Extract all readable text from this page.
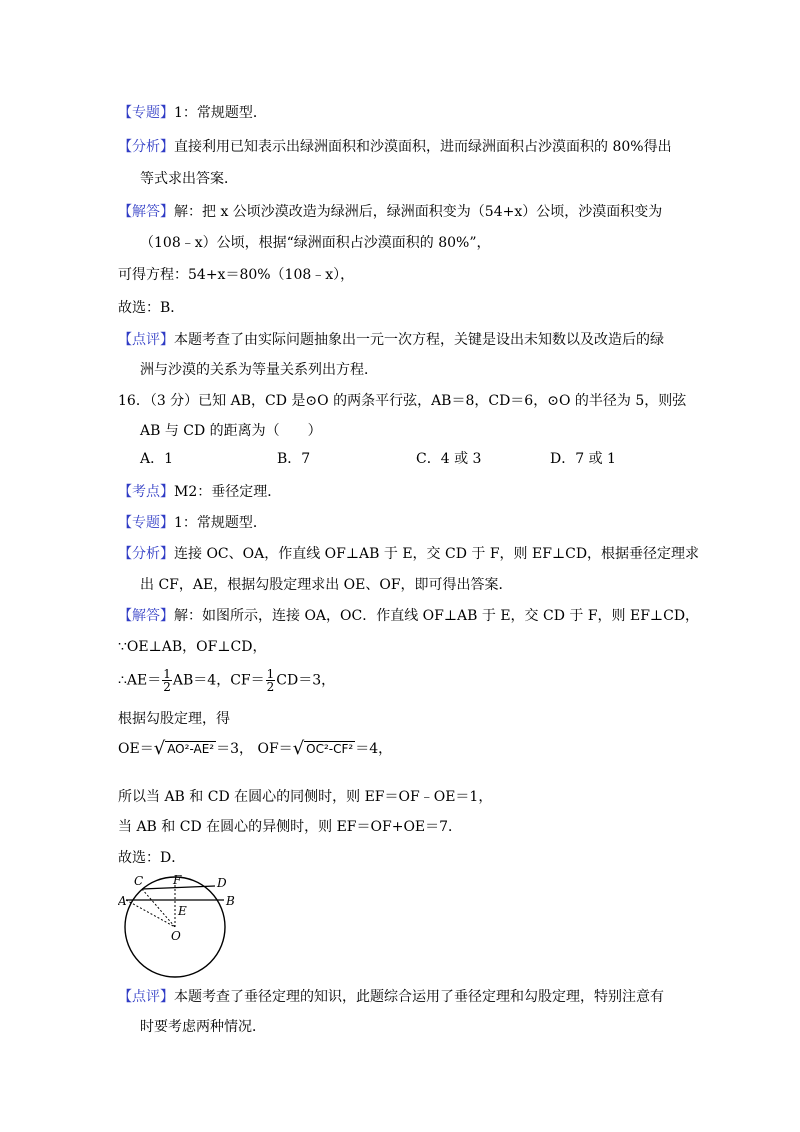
【专题】1：常规题型．
【分析】直接利用已知表示出绿洲面积和沙漠面积，进而绿洲面积占沙漠面积的 80%得出
等式求出答案．
【解答】解：把 x 公顷沙漠改造为绿洲后，绿洲面积变为（54+x）公顷，沙漠面积变为
（108﹣x）公顷，根据“绿洲面积占沙漠面积的 80%”，
可得方程：54+x＝80%（108﹣x），
故选：B．
【点评】本题考查了由实际问题抽象出一元一次方程，关键是设出未知数以及改造后的绿
洲与沙漠的关系为等量关系列出方程．
16．（3 分）已知 AB，CD 是⊙O 的两条平行弦，AB＝8，CD＝6，⊙O 的半径为 5，则弦
AB 与 CD 的距离为（　　）
A．1	B．7	C．4 或 3	D．7 或 1
【考点】M2：垂径定理．
【专题】1：常规题型．
【分析】连接 OC、OA，作直线 OF⊥AB 于 E，交 CD 于 F，则 EF⊥CD，根据垂径定理求
出 CF，AE，根据勾股定理求出 OE、OF，即可得出答案．
【解答】解：如图所示，连接 OA，OC．作直线 OF⊥AB 于 E，交 CD 于 F，则 EF⊥CD，
∵OE⊥AB，OF⊥CD，
∴AE＝ $\frac{1}{2} AB=4$，$CF= \frac{1}{2} CD=3$，
根据勾股定理，得
OE＝√ AO²-AE² ＝3， OF＝√ OC²-CF² ＝4，
所以当 AB 和 CD 在圆心的同侧时，则 EF＝OF﹣OE＝1，
当 AB 和 CD 在圆心的异侧时，则 EF＝OF+OE＝7．
故选：D．
C F	D
A	B
E
O
【点评】本题考查了垂径定理的知识，此题综合运用了垂径定理和勾股定理，特别注意有
时要考虑两种情况．
